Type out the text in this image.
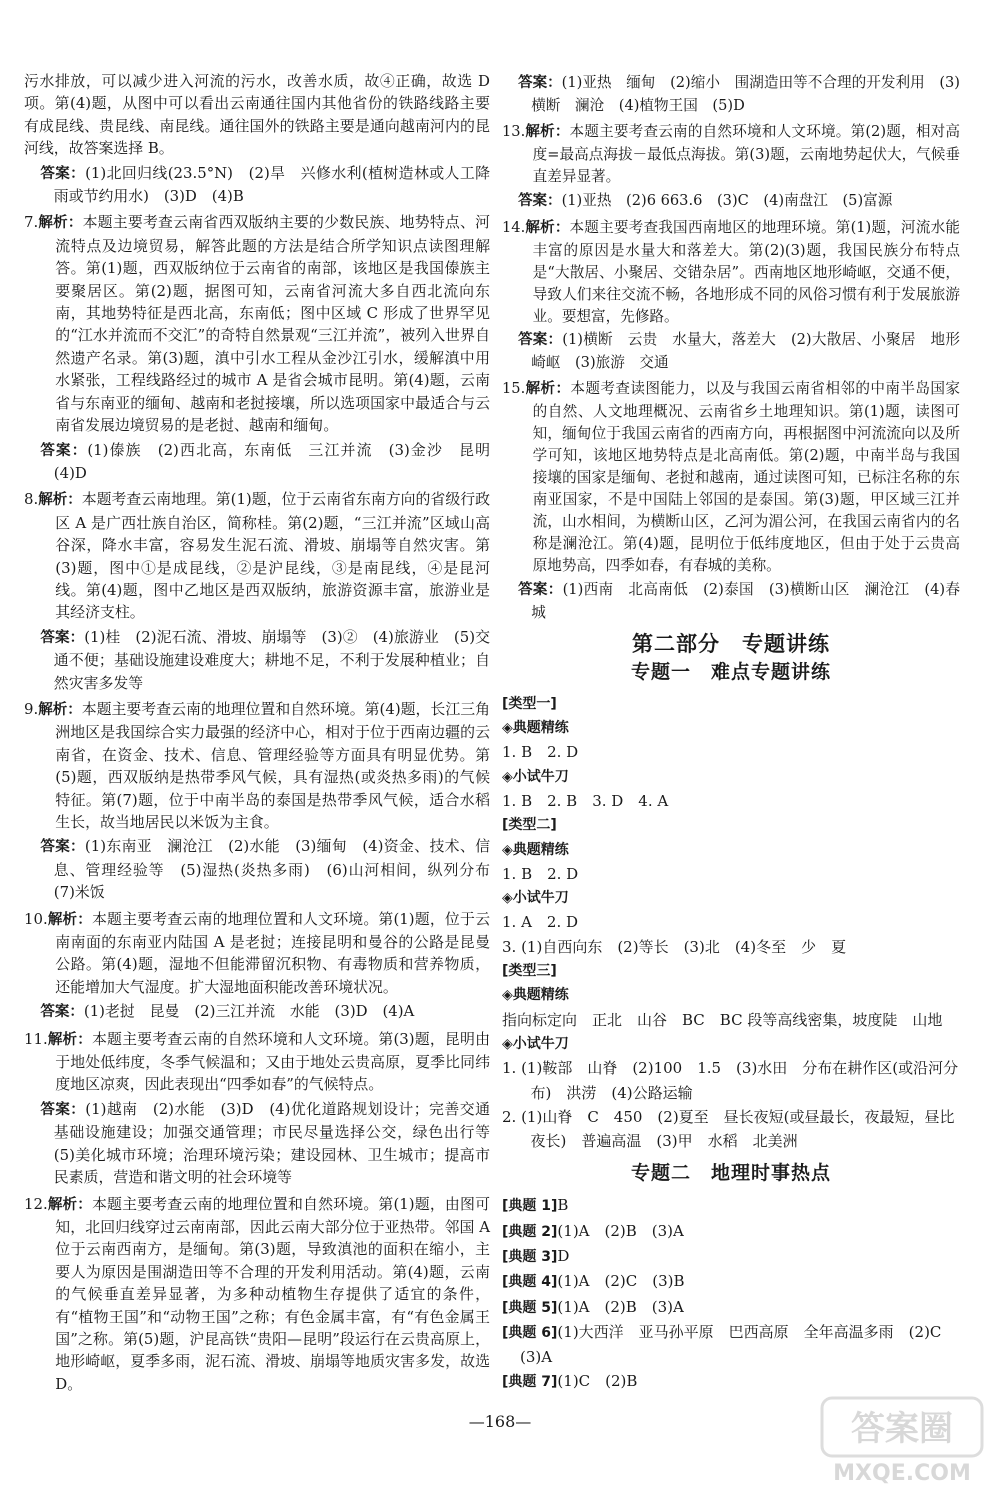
污水排放，可以减少进入河流的污水，改善水质，故④正确，故选 D 项。第(4)题，从图中可以看出云南通往国内其他省份的铁路线路主要有成昆线、贵昆线、南昆线。通往国外的铁路主要是通向越南河内的昆河线，故答案选择 B。

答案：(1)北回归线(23.5°N)　(2)旱　兴修水利(植树造林或人工降雨或节约用水)　(3)D　(4)B

7.解析：本题主要考查云南省西双版纳主要的少数民族、地势特点、河流特点及边境贸易，解答此题的方法是结合所学知识点读图理解答。第(1)题，西双版纳位于云南省的南部，该地区是我国傣族主要聚居区。第(2)题，据图可知，云南省河流大多自西北流向东南，其地势特征是西北高，东南低；图中区域 C 形成了世界罕见的“江水并流而不交汇”的奇特自然景观“三江并流”，被列入世界自然遗产名录。第(3)题，滇中引水工程从金沙江引水，缓解滇中用水紧张，工程线路经过的城市 A 是省会城市昆明。第(4)题，云南省与东南亚的缅甸、越南和老挝接壤，所以选项国家中最适合与云南省发展边境贸易的是老挝、越南和缅甸。

答案：(1)傣族　(2)西北高，东南低　三江并流　(3)金沙　昆明　(4)D

8.解析：本题考查云南地理。第(1)题，位于云南省东南方向的省级行政区 A 是广西壮族自治区，简称桂。第(2)题，“三江并流”区域山高谷深，降水丰富，容易发生泥石流、滑坡、崩塌等自然灾害。第(3)题，图中①是成昆线，②是沪昆线，③是南昆线，④是昆河线。第(4)题，图中乙地区是西双版纳，旅游资源丰富，旅游业是其经济支柱。

答案：(1)桂　(2)泥石流、滑坡、崩塌等　(3)②　(4)旅游业　(5)交通不便；基础设施建设难度大；耕地不足，不利于发展种植业；自然灾害多发等

9.解析：本题主要考查云南的地理位置和自然环境。第(4)题，长江三角洲地区是我国综合实力最强的经济中心，相对于位于西南边疆的云南省，在资金、技术、信息、管理经验等方面具有明显优势。第(5)题，西双版纳是热带季风气候，具有湿热(或炎热多雨)的气候特征。第(7)题，位于中南半岛的泰国是热带季风气候，适合水稻生长，故当地居民以米饭为主食。

答案：(1)东南亚　澜沧江　(2)水能　(3)缅甸　(4)资金、技术、信息、管理经验等　(5)湿热(炎热多雨)　(6)山河相间，纵列分布　(7)米饭

10.解析：本题主要考查云南的地理位置和人文环境。第(1)题，位于云南南面的东南亚内陆国 A 是老挝；连接昆明和曼谷的公路是昆曼公路。第(4)题，湿地不但能滞留沉积物、有毒物质和营养物质，还能增加大气湿度。扩大湿地面积能改善环境状况。

答案：(1)老挝　昆曼　(2)三江并流　水能　(3)D　(4)A

11.解析：本题主要考查云南的自然环境和人文环境。第(3)题，昆明由于地处低纬度，冬季气候温和；又由于地处云贵高原，夏季比同纬度地区凉爽，因此表现出“四季如春”的气候特点。

答案：(1)越南　(2)水能　(3)D　(4)优化道路规划设计；完善交通基础设施建设；加强交通管理；市民尽量选择公交，绿色出行等　(5)美化城市环境；治理环境污染；建设园林、卫生城市；提高市民素质，营造和谐文明的社会环境等

12.解析：本题主要考查云南的地理位置和自然环境。第(1)题，由图可知，北回归线穿过云南南部，因此云南大部分位于亚热带。邻国 A 位于云南西南方，是缅甸。第(3)题，导致滇池的面积在缩小，主要人为原因是围湖造田等不合理的开发利用活动。第(4)题，云南的气候垂直差异显著，为多种动植物生存提供了适宜的条件，有“植物王国”和“动物王国”之称；有色金属丰富，有“有色金属王国”之称。第(5)题，沪昆高铁“贵阳—昆明”段运行在云贵高原上，地形崎岖，夏季多雨，泥石流、滑坡、崩塌等地质灾害多发，故选 D。

答案：(1)亚热　缅甸　(2)缩小　围湖造田等不合理的开发利用　(3)横断　澜沧　(4)植物王国　(5)D

13.解析：本题主要考查云南的自然环境和人文环境。第(2)题，相对高度=最高点海拔－最低点海拔。第(3)题，云南地势起伏大，气候垂直差异显著。

答案：(1)亚热　(2)6 663.6　(3)C　(4)南盘江　(5)富源

14.解析：本题主要考查我国西南地区的地理环境。第(1)题，河流水能丰富的原因是水量大和落差大。第(2)(3)题，我国民族分布特点是“大散居、小聚居、交错杂居”。西南地区地形崎岖，交通不便，导致人们来往交流不畅，各地形成不同的风俗习惯有利于发展旅游业。要想富，先修路。

答案：(1)横断　云贵　水量大，落差大　(2)大散居、小聚居　地形崎岖　(3)旅游　交通

15.解析：本题考查读图能力，以及与我国云南省相邻的中南半岛国家的自然、人文地理概况、云南省乡土地理知识。第(1)题，读图可知，缅甸位于我国云南省的西南方向，再根据图中河流流向以及所学可知，该地区地势特点是北高南低。第(2)题，中南半岛与我国接壤的国家是缅甸、老挝和越南，通过读图可知，已标注名称的东南亚国家，不是中国陆上邻国的是泰国。第(3)题，甲区域三江并流，山水相间，为横断山区，乙河为湄公河，在我国云南省内的名称是澜沧江。第(4)题，昆明位于低纬度地区，但由于处于云贵高原地势高，四季如春，有春城的美称。

答案：(1)西南　北高南低　(2)泰国　(3)横断山区　澜沧江　(4)春城

第二部分　专题讲练
专题一　难点专题讲练

[类型一]

◈典题精练

1. B　2. D

◈小试牛刀

1. B　2. B　3. D　4. A

[类型二]

◈典题精练

1. B　2. D

◈小试牛刀

1. A　2. D

3. (1)自西向东　(2)等长　(3)北　(4)冬至　少　夏

[类型三]

◈典题精练

指向标定向　正北　山谷　BC　BC 段等高线密集，坡度陡　山地

◈小试牛刀

1. (1)鞍部　山脊　(2)100　1.5　(3)水田　分布在耕作区(或沿河分布)　洪涝　(4)公路运输

2. (1)山脊　C　450　(2)夏至　昼长夜短(或昼最长，夜最短，昼比夜长)　普遍高温　(3)甲　水稻　北美洲

专题二　地理时事热点

[典题 1]B

[典题 2](1)A　(2)B　(3)A

[典题 3]D

[典题 4](1)A　(2)C　(3)B

[典题 5](1)A　(2)B　(3)A

[典题 6](1)大西洋　亚马孙平原　巴西高原　全年高温多雨　(2)C　(3)A

[典题 7](1)C　(2)B

—168—	答案圈
MXQE.COM
